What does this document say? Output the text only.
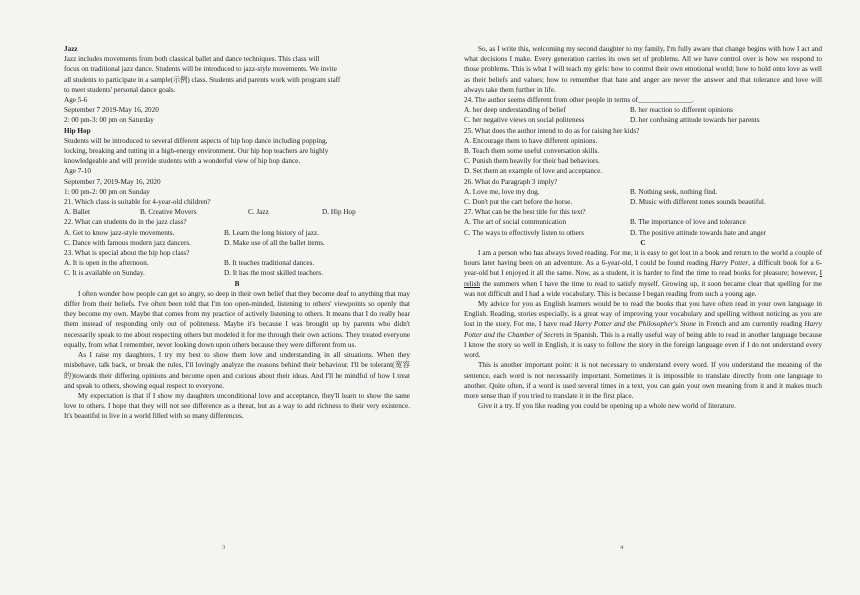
Jazz
Jazz includes movements from both classical ballet and dance techniques. This class will
focus on traditional jazz dance. Students will be introduced to jazz-style movements. We invite
all students to participate in a sample(示例) class. Students and parents work with program staff
to meet students' personal dance goals.
Age 5-6
September 7 2019-May 16, 2020
2: 00 pm-3: 00 pm on Saturday
Hip Hop
Students will be introduced to several different aspects of hip hop dance including popping,
locking, breaking and tutting in a high-energy environment. Our hip hop teachers are highly
knowledgeable and will provide students with a wonderful view of hip hop dance.
Age 7-10
September 7, 2019-May 16, 2020
1: 00 pm-2: 00 pm on Sunday
21. Which class is suitable for 4-year-old children?
A. Ballet	B. Creative Movers	C. Jazz	D. Hip Hop
22. What can students do in the jazz class?
A. Get to know jazz-style movements.	B. Learn the long history of jazz.
C. Dance with famous modern jazz dancers.	D. Make use of all the ballet items.
23. What is special about the hip hop class?
A. It is open in the afternoon.	B. It teaches traditional dances.
C. It is available on Sunday.	D. It has the most skilled teachers.
B
I often wonder how people can get so angry, so deep in their own belief that they become deaf to anything that may differ from their beliefs. I've often been told that I'm too open-minded, listening to others' viewpoints so openly that they become my own. Maybe that comes from my practice of actively listening to others. It means that I do really hear them instead of responding only out of politeness. Maybe it's because I was brought up by parents who didn't necessarily speak to me about respecting others but modeled it for me through their own actions. They treated everyone equally, from what I remember, never looking down upon others because they were different from us.
As I raise my daughters, I try my best to show them love and understanding in all situations. When they misbehave, talk back, or break the rules, I'll lovingly analyze the reasons behind their behaviour. I'll be tolerant(宽容的)towards their differing opinions and become open and curious about their ideas. And I'll be mindful of how I treat and speak to others, showing equal respect to everyone.
My expectation is that if I show my daughters unconditional love and acceptance, they'll learn to show the same love to others. I hope that they will not see difference as a threat, but as a way to add richness to their very existence. It's beautiful to live in a world filled with so many differences.
3
So, as I write this, welcoming my second daughter to my family, I'm fully aware that change begins with how I act and what decisions I make. Every generation carries its own set of problems. All we have control over is how we respond to those problems. This is what I will teach my girls: how to control their own emotional world; how to hold onto love as well as their beliefs and values; how to remember that hate and anger are never the answer and that tolerance and love will always take them further in life.
24. The author seems different from other people in terms of_______________.
A. her deep understanding of belief	B. her reaction to different opinions
C. her negative views on social politeness	D. her confusing attitude towards her parents
25. What does the author intend to do as for raising her kids?
A. Encourage them to have different opinions.
B. Teach them some useful conversation skills.
C. Punish them heavily for their bad behaviors.
D. Set them an example of love and acceptance.
26. What do Paragraph 3 imply?
A. Love me, love my dog.	B. Nothing seek, nothing find.
C. Don't put the cart before the horse.	D. Music with different tones sounds beautiful.
27. What can be the best title for this text?
A. The art of social communication	B. The importance of love and tolerance
C. The ways to effectively listen to others	D. The positive attitude towards hate and anger
C
I am a person who has always loved reading. For me, it is easy to get lost in a book and return to the world a couple of hours later having been on an adventure. As a 6-year-old, I could be found reading Harry Potter, a difficult book for a 6-year-old but I enjoyed it all the same. Now, as a student, it is harder to find the time to read books for pleasure; however, I relish the summers when I have the time to read to satisfy myself. Growing up, it soon became clear that spelling for me was not difficult and I had a wide vocabulary. This is because I began reading from such a young age.
My advice for you as English learners would be to read the books that you have often read in your own language in English. Reading, stories especially, is a great way of improving your vocabulary and spelling without noticing as you are lost in the story. For me, I have read Harry Potter and the Philosopher's Stone in French and am currently reading Harry Potter and the Chamber of Secrets in Spanish. This is a really useful way of being able to read in another language because I know the story so well in English, it is easy to follow the story in the foreign language even if I do not understand every word.
This is another important point: it is not necessary to understand every word. If you understand the meaning of the sentence, each word is not necessarily important. Sometimes it is impossible to translate directly from one language to another. Quite often, if a word is used several times in a text, you can gain your own meaning from it and it makes much more sense than if you tried to translate it in the first place.
Give it a try. If you like reading you could be opening up a whole new world of literature.
4
